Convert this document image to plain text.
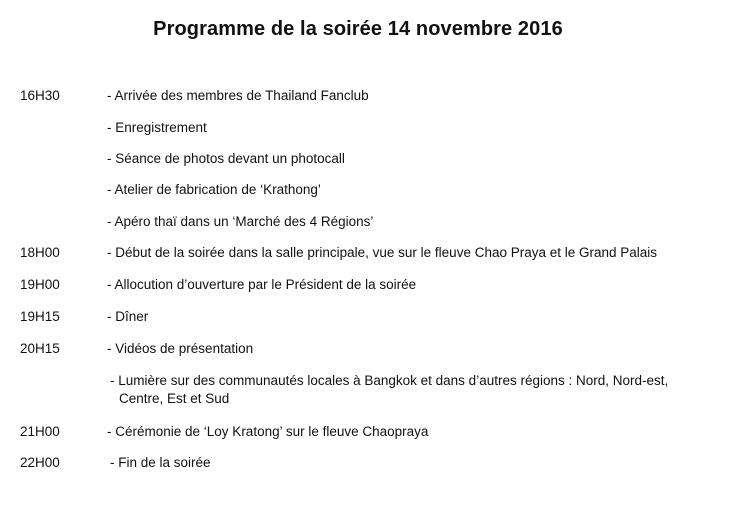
Programme de la soirée 14 novembre 2016
16H30	- Arrivée des membres de Thailand Fanclub
- Enregistrement
- Séance de photos devant un photocall
- Atelier de fabrication de ‘Krathong’
- Apéro thaï dans un ‘Marché des 4 Régions’
18H00	- Début de la soirée dans la salle principale, vue sur le fleuve Chao Praya et le Grand Palais
19H00	- Allocution d’ouverture par le Président de la soirée
19H15	- Dîner
20H15	- Vidéos de présentation
- Lumière sur des communautés locales à Bangkok et dans d’autres régions : Nord, Nord-est,
Centre, Est et Sud
21H00	- Cérémonie de ‘Loy Kratong’ sur le fleuve Chaopraya
22H00	- Fin de la soirée
